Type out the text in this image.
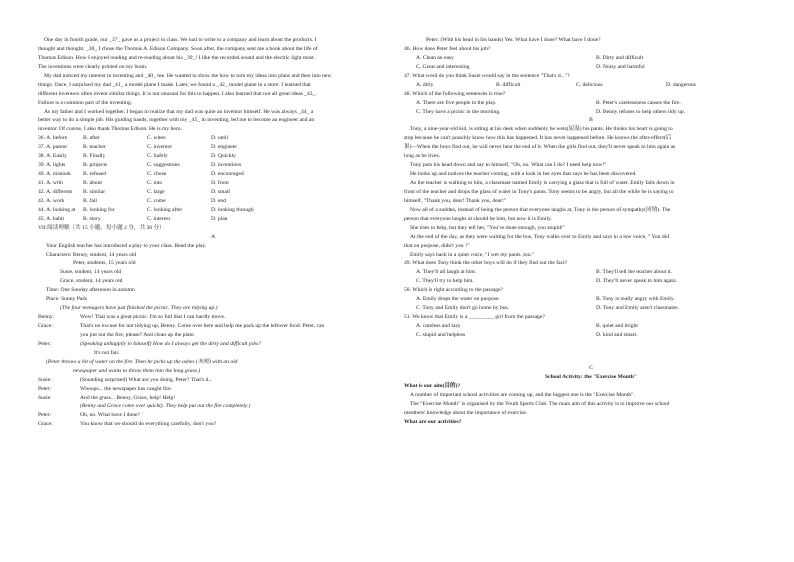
One day in fourth grade, our _37_ gave us a project in class. We had to write to a company and learn about the products. I

thought and thought. _38_ I chose the Thomas A. Edison Company. Soon after, the company sent me a book about the life of

Thomas Edison. How I enjoyed reading and re-reading about his _39_! I like the recorded sound and the electric light most.

The inventions were clearly printed on my brain.

My dad noticed my interest in inventing and _40_ me. He wanted to show me how to turn my ideas into plans and then into new

things. Once, I surprised my dad _41_ a model plane I made. Later, we found a _42_ model plane in a store. I learned that

different inventors often invent similar things. It is not unusual for this to happen. I also learned that not all great ideas _43_.

Failure is a common part of the inventing.

As my father and I worked together, I began to realize that my dad was quite an inventor himself. He was always _44_ a

better way to do a simple job. His guiding hands, together with my _45_ in inventing, led me to become an engineer and an

inventor. Of course, I also thank Thomas Edison. He is my hero.

36. A. before	B. after	C. when	D. until
37. A. parent	B. teacher	C. inventor	D. engineer
38. A. Easily	B. Finally	C. Safely	D. Quickly
39. A. lights	B. projects	C. suggestions	D. inventions
40. A. mistook	B. refused	C. chose	D. encouraged
41. A. with	B. about	C. into	D. from
42. A. different	B. similar	C. large	D. small
43. A. work	B. fail	C. come	D. end
44. A. looking at	B. looking for	C. looking after	D. looking through
45. A. habit	B. story	C. interest	D. plan

VII.阅读理解（共 15 小题，每小题 2 分，共 30 分）

A

Your English teacher has introduced a play to your class. Read the play.

Characters: Benny, student, 14 years old

Peter, students, 15 years old

Susie, student, 14 years old

Grace, student, 14 years old

Time: One Sunday afternoon in autumn

Place: Sunny Park

(The four teenagers have just finished the picnic. They are tidying up.)

Benny:	Wow! That was a great picnic. I'm so full that I can hardly move.
Grace:	That's no excuse for not tidying up, Benny. Come over here and help me pack up the leftover food. Peter, can
you put out the fire, please? And clean up the plate.
Peter:	(Speaking unhappily to himself) How do I always get the dirty and difficult jobs?
It's not fair.

(Peter throws a bit of water on the fire. Then he picks up the ashes (灰烬) with an old

newspaper and wants to throw them into the long grass.)

Susie:	(Sounding surprised) What are you doing, Peter? That's d...
Peter:	Whoops... the newspaper has caught fire.
Susie:	And the grass... Benny, Grace, help! Help!
(Benny and Grace come over quickly. They help put out the fire completely.)
Peter:	Oh, no. What have I done?
Grace:	You know that we should do everything carefully, don't you?

Peter: (With his head in his hands) Yes. What have I done? What have I done?

46. How does Peter feel about his job?

A. Clean an easy	B. Dirty and difficult
C. Great and interesting	D. Noisy and harmful

47. What word do you think Susie would say in the sentence "That's d..."?

A. dirty	B. difficult	C. delicious	D. dangerous

48. Which of the following sentences is true?

A. There are five people in the play.	B. Peter's carelessness causes the fire.
C. They have a picnic in the morning.	D. Benny refuses to help others tidy up.

B

Tony, a nine-year-old kid, is sitting at his desk when suddenly he wets(尿湿) his pants. He thinks his heart is going to

stop because he can't possibly know how this has happened. It has never happened before. He knows the after-effect(后

果)—When the boys find out, he will never hear the end of it. When the girls find out, they'll never speak to him again as

long as he lives.

Tony puts his head down and say to himself, "Oh, no. What can I do? I need help now!"

He looks up and notices the teacher coming, with a look in her eyes that says he has been discovered.

As the teacher is walking to him, a classmate named Emily is carrying a glass that is full of water. Emily falls down in

front of the teacher and drops the glass of water in Tony's pants. Tony seems to be angry, but all the while he is saying to

himself, "Thank you, dear! Thank you, dear!"

Now all of a sudden, instead of being the person that everyone laughs at, Tony is the person of sympathy(同情). The

person that everyone laughs at should be him, but now it is Emily.

She tries to help, but they tell her, "You've done enough, you stupid!"

At the end of the day, as they were waiting for the bus, Tony walks over to Emily and says in a low voice, " You did

that on purpose, didn't you ?"

Emily says back in a quiet voice, "I wet my pants ,too."

49. What does Tony think the other boys will do if they find out the fact?

A. They'll all laugh at him.	B. They'll tell the teacher about it.
C. They'll try to help him.	D. They'll never speak to him again.

50. Which is right according to the passage?

A. Emily drops the water on purpose.	B. Tony is really angry with Emily.
C. Tony and Emily don't go home by bus.	D. Tony and Emily aren't classmates.

51. We know that Emily is a _________ girl from the passage?

A. careless and lazy	B. quiet and bright
C. stupid and helpless	D. kind and smart.

C

School Activity: the "Exercise Month"

What is our aim(目的)?

A number of important school activities are coming up, and the biggest one is the "Exercise Month".

The "Exercise Month" is organised by the Youth Sports Club. The main aim of this activity is to improve our school

members' knowledge about the importance of exercise.

What are our activities?
